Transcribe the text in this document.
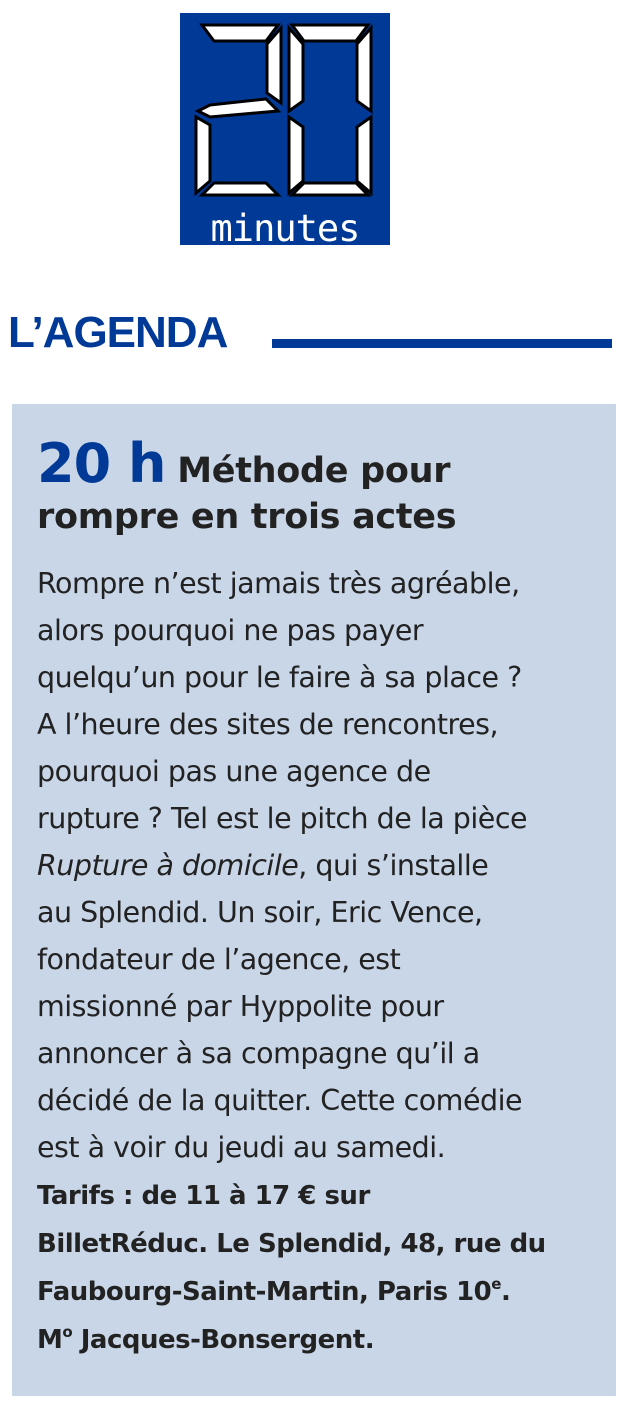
minutes
L’AGENDA
20 h Méthode pour
rompre en trois actes
Rompre n’est jamais très agréable,
alors pourquoi ne pas payer
quelqu’un pour le faire à sa place ?
A l’heure des sites de rencontres,
pourquoi pas une agence de
rupture ? Tel est le pitch de la pièce
Rupture à domicile, qui s’installe
au Splendid. Un soir, Eric Vence,
fondateur de l’agence, est
missionné par Hyppolite pour
annoncer à sa compagne qu’il a
décidé de la quitter. Cette comédie
est à voir du jeudi au samedi.
Tarifs : de 11 à 17 € sur
BilletRéduc. Le Splendid, 48, rue du
Faubourg-Saint-Martin, Paris 10e.
$M^o$ Jacques-Bonsergent.
